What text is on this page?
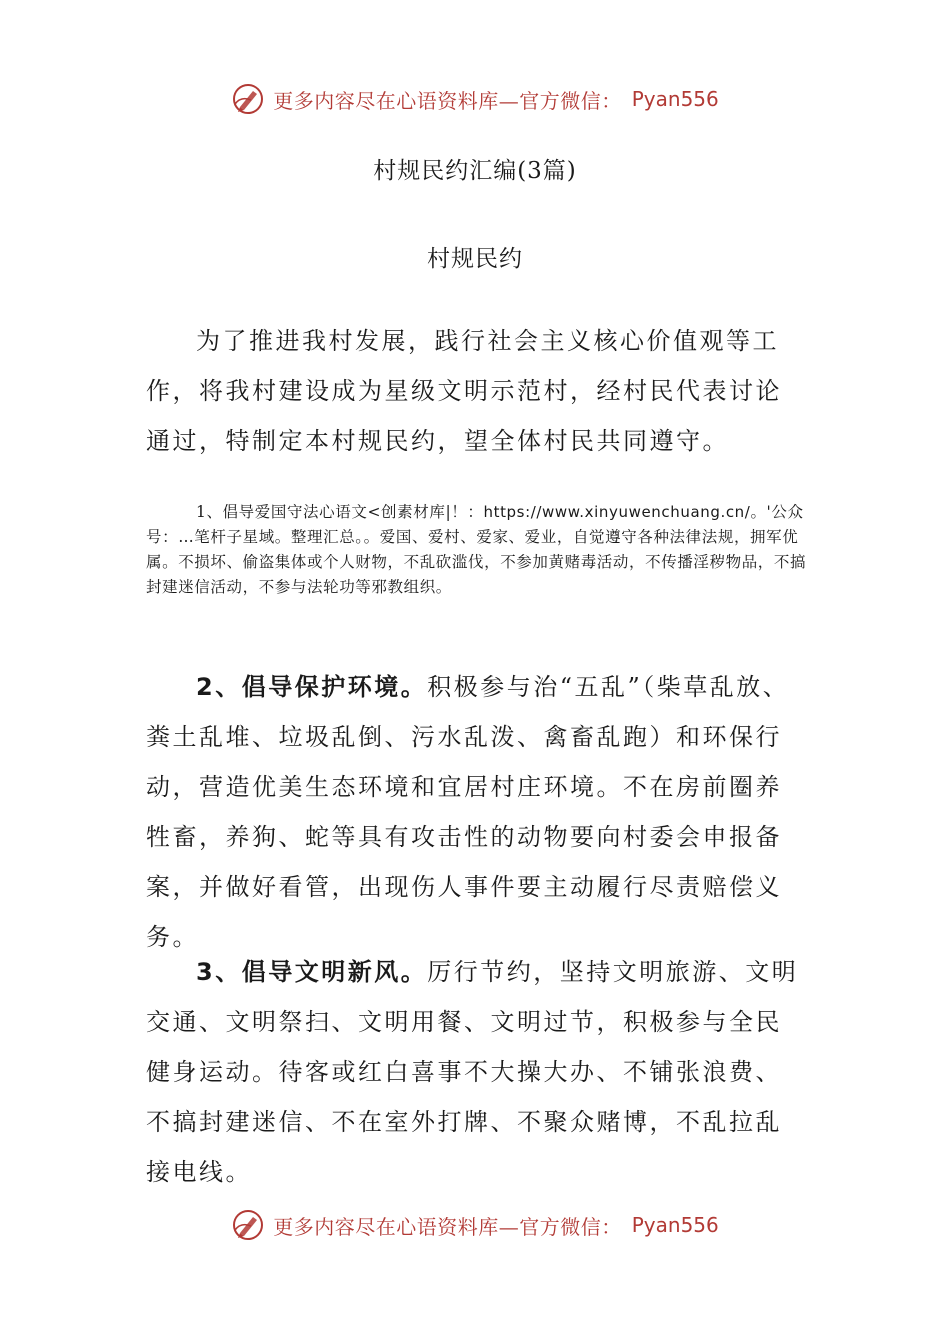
更多内容尽在心语资料库—官方微信： Pyan556
村规民约汇编(3篇)
村规民约

为了推进我村发展，践行社会主义核心价值观等工作，将我村建设成为星级文明示范村，经村民代表讨论通过，特制定本村规民约，望全体村民共同遵守。

1、倡导爱国守法心语文<创素材库|！：https://www.xinyuwenchuang.cn/。'公众号：…笔杆子星域。整理汇总。。爱国、爱村、爱家、爱业，自觉遵守各种法律法规，拥军优属。不损坏、偷盗集体或个人财物，不乱砍滥伐，不参加黄赌毒活动，不传播淫秽物品，不搞封建迷信活动，不参与法轮功等邪教组织。

2、倡导保护环境。积极参与治“五乱”（柴草乱放、粪土乱堆、垃圾乱倒、污水乱泼、禽畜乱跑）和环保行动，营造优美生态环境和宜居村庄环境。不在房前圈养牲畜，养狗、蛇等具有攻击性的动物要向村委会申报备案，并做好看管，出现伤人事件要主动履行尽责赔偿义务。

3、倡导文明新风。厉行节约，坚持文明旅游、文明交通、文明祭扫、文明用餐、文明过节，积极参与全民健身运动。待客或红白喜事不大操大办、不铺张浪费、不搞封建迷信、不在室外打牌、不聚众赌博，不乱拉乱接电线。

更多内容尽在心语资料库—官方微信： Pyan556
